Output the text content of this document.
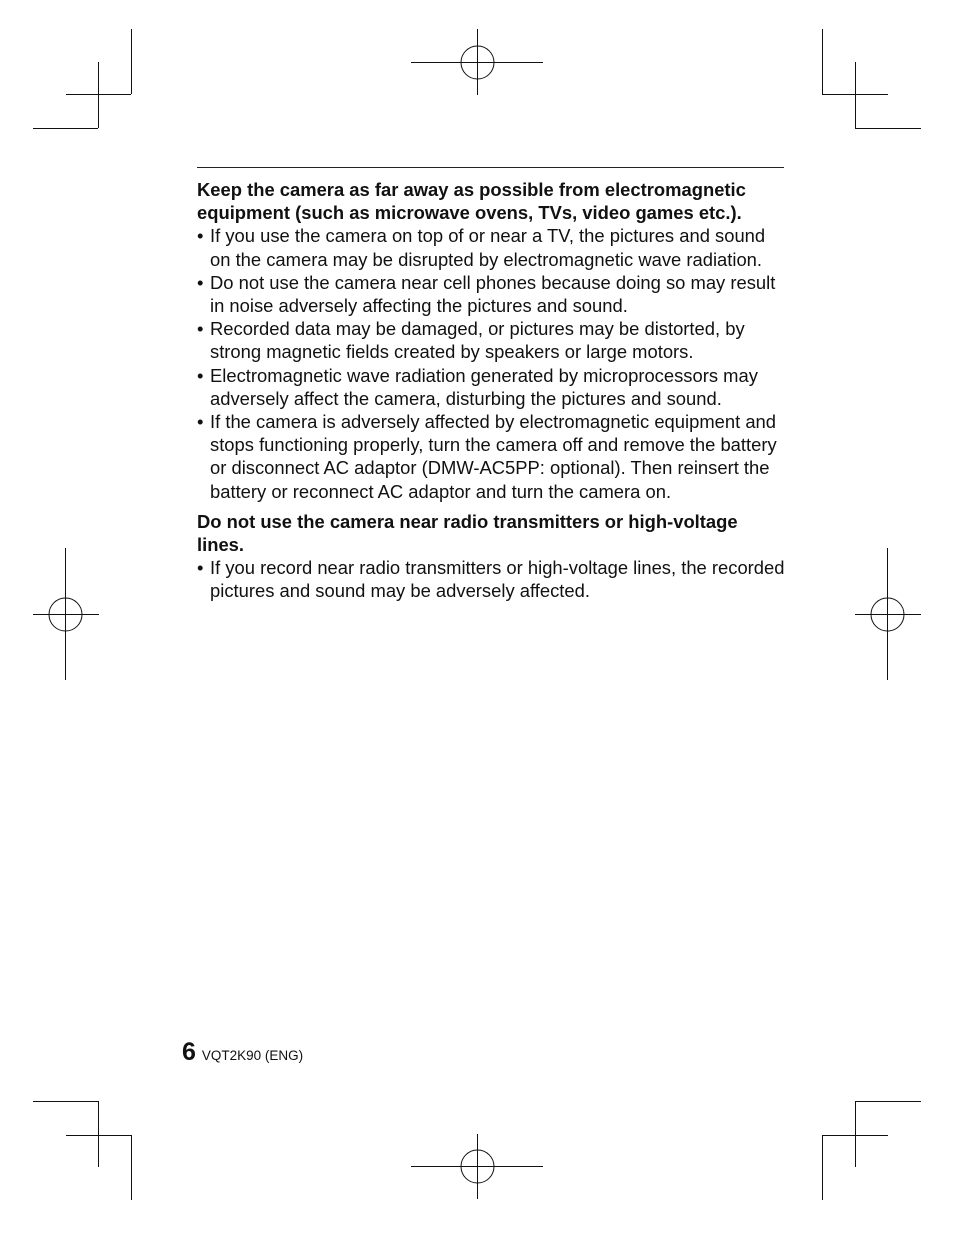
Keep the camera as far away as possible from electromagnetic equipment (such as microwave ovens, TVs, video games etc.).

• If you use the camera on top of or near a TV, the pictures and sound on the camera may be disrupted by electromagnetic wave radiation.
• Do not use the camera near cell phones because doing so may result in noise adversely affecting the pictures and sound.
• Recorded data may be damaged, or pictures may be distorted, by strong magnetic fields created by speakers or large motors.
• Electromagnetic wave radiation generated by microprocessors may adversely affect the camera, disturbing the pictures and sound.
• If the camera is adversely affected by electromagnetic equipment and stops functioning properly, turn the camera off and remove the battery or disconnect AC adaptor (DMW-AC5PP: optional). Then reinsert the battery or reconnect AC adaptor and turn the camera on.

Do not use the camera near radio transmitters or high-voltage lines.

• If you record near radio transmitters or high-voltage lines, the recorded pictures and sound may be adversely affected.
6 VQT2K90 (ENG)
